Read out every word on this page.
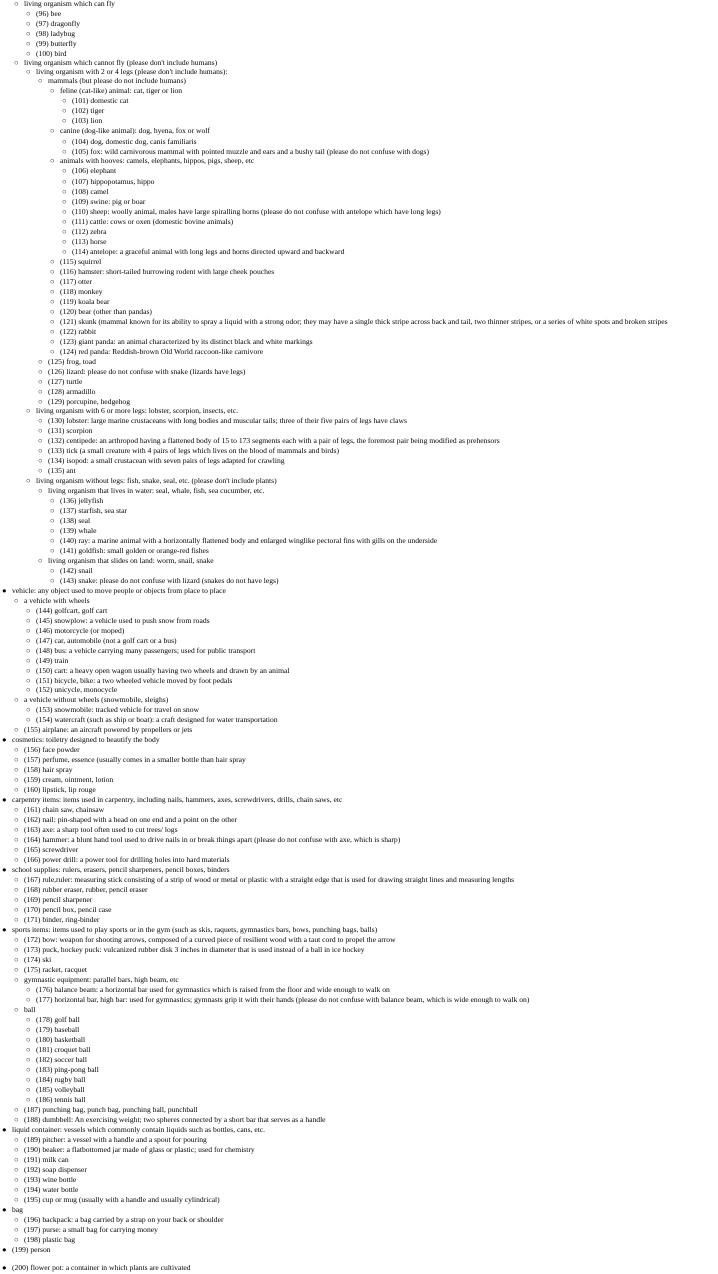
○ living organism which can fly
○ (96) bee
○ (97) dragonfly
○ (98) ladybug
○ (99) butterfly
○ (100) bird
○ living organism which cannot fly (please don't include humans)
○ living organism with 2 or 4 legs (please don't include humans):
○ mammals (but please do not include humans)
○ feline (cat-like) animal: cat, tiger or lion
○ (101) domestic cat
○ (102) tiger
○ (103) lion
○ canine (dog-like animal): dog, hyena, fox or wolf
○ (104) dog, domestic dog, canis familiaris
○ (105) fox: wild carnivorous mammal with pointed muzzle and ears and a bushy tail (please do not confuse with dogs)
○ animals with hooves: camels, elephants, hippos, pigs, sheep, etc
○ (106) elephant
○ (107) hippopotamus, hippo
○ (108) camel
○ (109) swine: pig or boar
○ (110) sheep: woolly animal, males have large spiralling horns (please do not confuse with antelope which have long legs)
○ (111) cattle: cows or oxen (domestic bovine animals)
○ (112) zebra
○ (113) horse
○ (114) antelope: a graceful animal with long legs and horns directed upward and backward
○ (115) squirrel
○ (116) hamster: short-tailed burrowing rodent with large cheek pouches
○ (117) otter
○ (118) monkey
○ (119) koala bear
○ (120) bear (other than pandas)
○ (121) skunk (mammal known for its ability to spray a liquid with a strong odor; they may have a single thick stripe across back and tail, two thinner stripes, or a series of white spots and broken stripes
○ (122) rabbit
○ (123) giant panda: an animal characterized by its distinct black and white markings
○ (124) red panda: Reddish-brown Old World raccoon-like carnivore
○ (125) frog, toad
○ (126) lizard: please do not confuse with snake (lizards have legs)
○ (127) turtle
○ (128) armadillo
○ (129) porcupine, hedgehog
○ living organism with 6 or more legs: lobster, scorpion, insects, etc.
○ (130) lobster: large marine crustaceans with long bodies and muscular tails; three of their five pairs of legs have claws
○ (131) scorpion
○ (132) centipede: an arthropod having a flattened body of 15 to 173 segments each with a pair of legs, the foremost pair being modified as prehensors
○ (133) tick (a small creature with 4 pairs of legs which lives on the blood of mammals and birds)
○ (134) isopod: a small crustacean with seven pairs of legs adapted for crawling
○ (135) ant
○ living organism without legs: fish, snake, seal, etc. (please don't include plants)
○ living organism that lives in water: seal, whale, fish, sea cucumber, etc.
○ (136) jellyfish
○ (137) starfish, sea star
○ (138) seal
○ (139) whale
○ (140) ray: a marine animal with a horizontally flattened body and enlarged winglike pectoral fins with gills on the underside
○ (141) goldfish: small golden or orange-red fishes
○ living organism that slides on land: worm, snail, snake
○ (142) snail
○ (143) snake: please do not confuse with lizard (snakes do not have legs)
● vehicle: any object used to move people or objects from place to place
○ a vehicle with wheels
○ (144) golfcart, golf cart
○ (145) snowplow: a vehicle used to push snow from roads
○ (146) motorcycle (or moped)
○ (147) car, automobile (not a golf cart or a bus)
○ (148) bus: a vehicle carrying many passengers; used for public transport
○ (149) train
○ (150) cart: a heavy open wagon usually having two wheels and drawn by an animal
○ (151) bicycle, bike: a two wheeled vehicle moved by foot pedals
○ (152) unicycle, monocycle
○ a vehicle without wheels (snowmobile, sleighs)
○ (153) snowmobile: tracked vehicle for travel on snow
○ (154) watercraft (such as ship or boat): a craft designed for water transportation
○ (155) airplane: an aircraft powered by propellers or jets
● cosmetics: toiletry designed to beautify the body
○ (156) face powder
○ (157) perfume, essence (usually comes in a smaller bottle than hair spray
○ (158) hair spray
○ (159) cream, ointment, lotion
○ (160) lipstick, lip rouge
● carpentry items: items used in carpentry, including nails, hammers, axes, screwdrivers, drills, chain saws, etc
○ (161) chain saw, chainsaw
○ (162) nail: pin-shaped with a head on one end and a point on the other
○ (163) axe: a sharp tool often used to cut trees/ logs
○ (164) hammer: a blunt hand tool used to drive nails in or break things apart (please do not confuse with axe, which is sharp)
○ (165) screwdriver
○ (166) power drill: a power tool for drilling holes into hard materials
● school supplies: rulers, erasers, pencil sharpeners, pencil boxes, binders
○ (167) rule,ruler: measuring stick consisting of a strip of wood or metal or plastic with a straight edge that is used for drawing straight lines and measuring lengths
○ (168) rubber eraser, rubber, pencil eraser
○ (169) pencil sharpener
○ (170) pencil box, pencil case
○ (171) binder, ring-binder
● sports items: items used to play sports or in the gym (such as skis, raquets, gymnastics bars, bows, punching bags, balls)
○ (172) bow: weapon for shooting arrows, composed of a curved piece of resilient wood with a taut cord to propel the arrow
○ (173) puck, hockey puck: vulcanized rubber disk 3 inches in diameter that is used instead of a ball in ice hockey
○ (174) ski
○ (175) racket, racquet
○ gymnastic equipment: parallel bars, high beam, etc
○ (176) balance beam: a horizontal bar used for gymnastics which is raised from the floor and wide enough to walk on
○ (177) horizontal bar, high bar: used for gymnastics; gymnasts grip it with their hands (please do not confuse with balance beam, which is wide enough to walk on)
○ ball
○ (178) golf ball
○ (179) baseball
○ (180) basketball
○ (181) croquet ball
○ (182) soccer ball
○ (183) ping-pong ball
○ (184) rugby ball
○ (185) volleyball
○ (186) tennis ball
○ (187) punching bag, punch bag, punching ball, punchball
○ (188) dumbbell: An exercising weight; two spheres connected by a short bar that serves as a handle
● liquid container: vessels which commonly contain liquids such as bottles, cans, etc.
○ (189) pitcher: a vessel with a handle and a spout for pouring
○ (190) beaker: a flatbottomed jar made of glass or plastic; used for chemistry
○ (191) milk can
○ (192) soap dispenser
○ (193) wine bottle
○ (194) water bottle
○ (195) cup or mug (usually with a handle and usually cylindrical)
● bag
○ (196) backpack: a bag carried by a strap on your back or shoulder
○ (197) purse: a small bag for carrying money
○ (198) plastic bag
● (199) person
● (200) flower pot: a container in which plants are cultivated
